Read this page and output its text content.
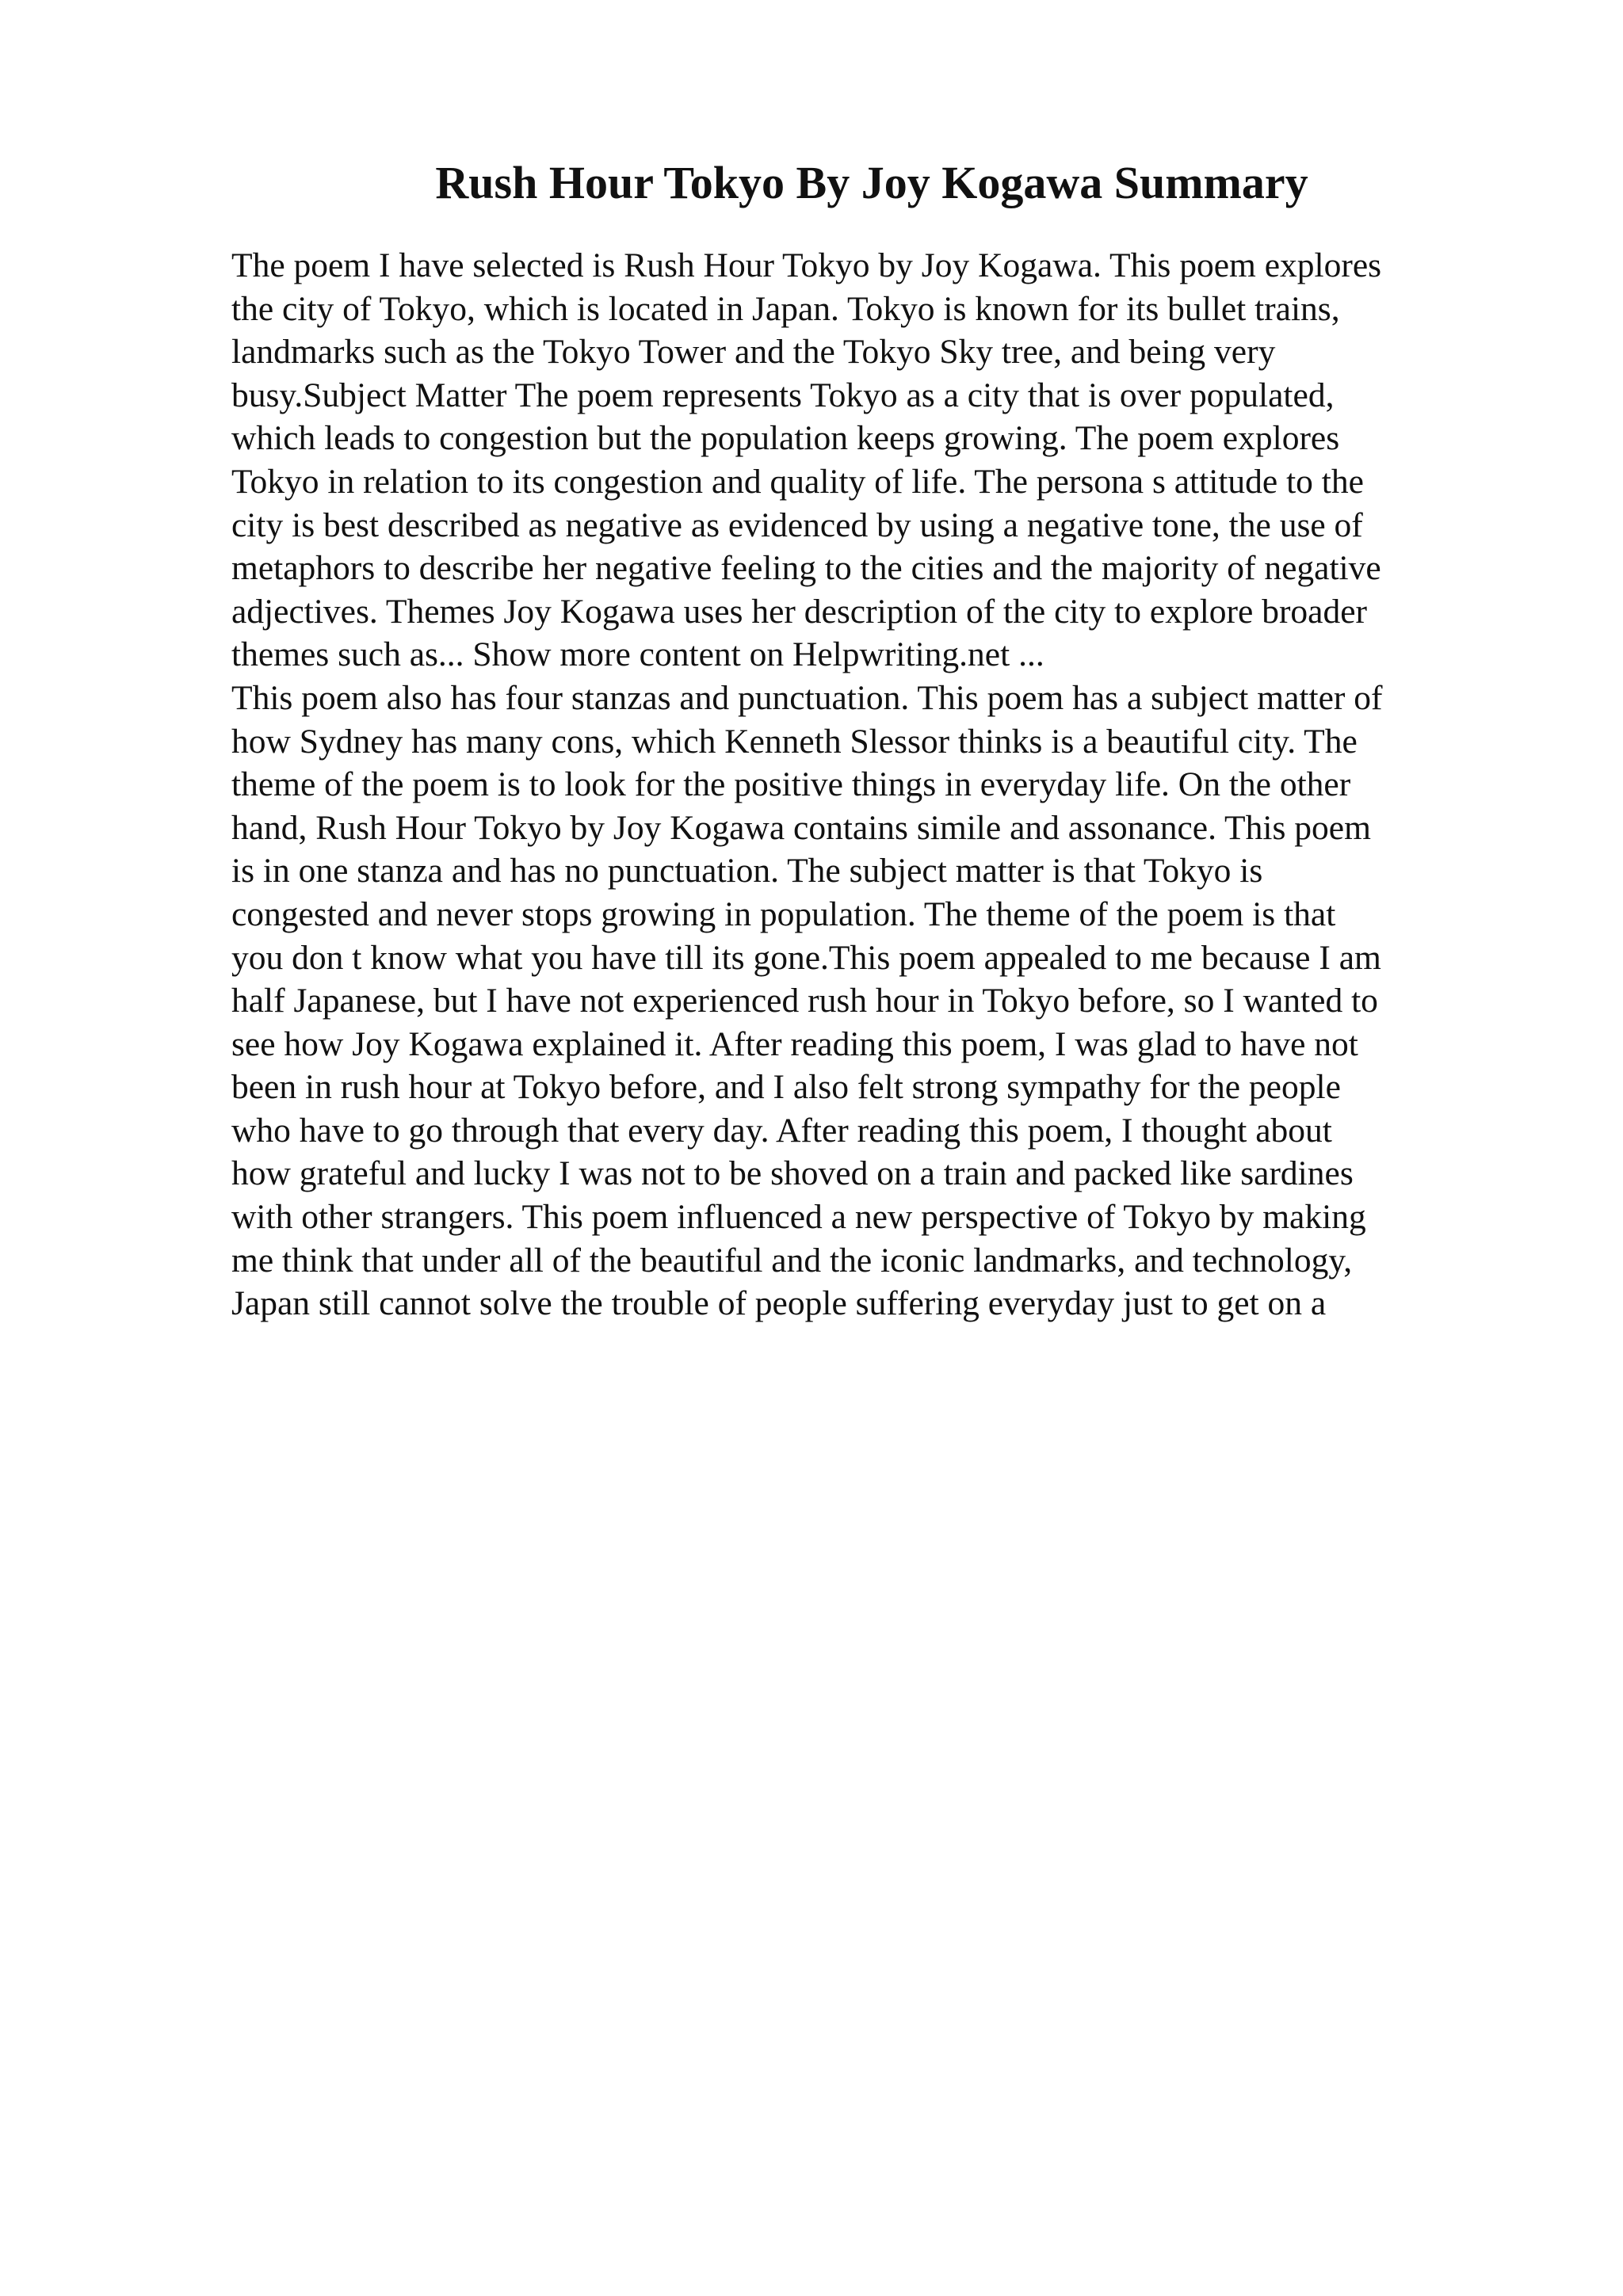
Rush Hour Tokyo By Joy Kogawa Summary
The poem I have selected is Rush Hour Tokyo by Joy Kogawa. This poem explores
the city of Tokyo, which is located in Japan. Tokyo is known for its bullet trains,
landmarks such as the Tokyo Tower and the Tokyo Sky tree, and being very
busy.Subject Matter The poem represents Tokyo as a city that is over populated,
which leads to congestion but the population keeps growing. The poem explores
Tokyo in relation to its congestion and quality of life. The persona s attitude to the
city is best described as negative as evidenced by using a negative tone, the use of
metaphors to describe her negative feeling to the cities and the majority of negative
adjectives. Themes Joy Kogawa uses her description of the city to explore broader
themes such as... Show more content on Helpwriting.net ...
This poem also has four stanzas and punctuation. This poem has a subject matter of
how Sydney has many cons, which Kenneth Slessor thinks is a beautiful city. The
theme of the poem is to look for the positive things in everyday life. On the other
hand, Rush Hour Tokyo by Joy Kogawa contains simile and assonance. This poem
is in one stanza and has no punctuation. The subject matter is that Tokyo is
congested and never stops growing in population. The theme of the poem is that
you don t know what you have till its gone.This poem appealed to me because I am
half Japanese, but I have not experienced rush hour in Tokyo before, so I wanted to
see how Joy Kogawa explained it. After reading this poem, I was glad to have not
been in rush hour at Tokyo before, and I also felt strong sympathy for the people
who have to go through that every day. After reading this poem, I thought about
how grateful and lucky I was not to be shoved on a train and packed like sardines
with other strangers. This poem influenced a new perspective of Tokyo by making
me think that under all of the beautiful and the iconic landmarks, and technology,
Japan still cannot solve the trouble of people suffering everyday just to get on a
